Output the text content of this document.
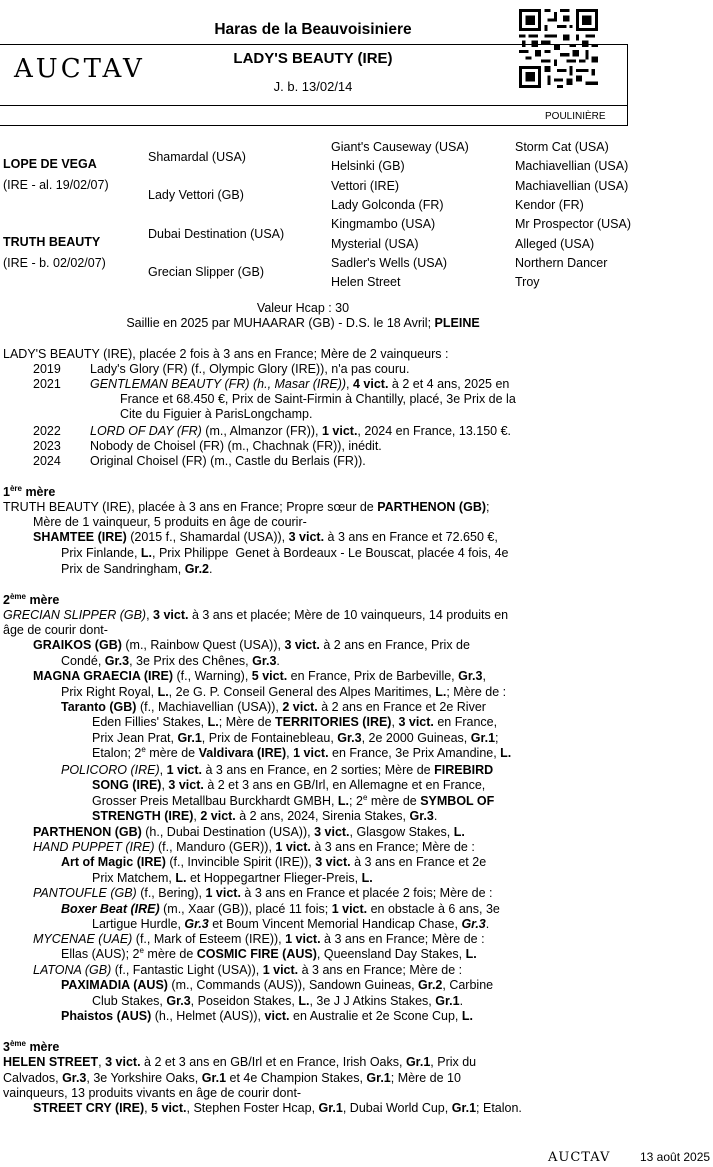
Haras de la Beauvoisiniere
LADY'S BEAUTY (IRE)
J. b. 13/02/14
AUCTAV
POULINIÈRE
LOPE DE VEGA
(IRE - al. 19/02/07)
TRUTH BEAUTY
(IRE - b. 02/02/07)
Shamardal (USA)
Lady Vettori (GB)
Dubai Destination (USA)
Grecian Slipper (GB)
Giant's Causeway (USA)
Helsinki (GB)
Vettori (IRE)
Lady Golconda (FR)
Kingmambo (USA)
Mysterial (USA)
Sadler's Wells (USA)
Helen Street
Storm Cat (USA)
Machiavellian (USA)
Machiavellian (USA)
Kendor (FR)
Mr Prospector (USA)
Alleged (USA)
Northern Dancer
Troy
Valeur Hcap : 30
Saillie en 2025 par MUHAARAR (GB) - D.S. le 18 Avril; PLEINE
LADY'S BEAUTY (IRE), placée 2 fois à 3 ans en France; Mère de 2 vainqueurs :
2019 Lady's Glory (FR) (f., Olympic Glory (IRE)), n'a pas couru.
2021 GENTLEMAN BEAUTY (FR) (h., Masar (IRE)), 4 vict. à 2 et 4 ans, 2025 en
France et 68.450 €, Prix de Saint-Firmin à Chantilly, placé, 3e Prix de la
Cite du Figuier à ParisLongchamp.
2022 LORD OF DAY (FR) (m., Almanzor (FR)), 1 vict., 2024 en France, 13.150 €.
2023 Nobody de Choisel (FR) (m., Chachnak (FR)), inédit.
2024 Original Choisel (FR) (m., Castle du Berlais (FR)).
1ère mère
TRUTH BEAUTY (IRE), placée à 3 ans en France; Propre sœur de PARTHENON (GB);
Mère de 1 vainqueur, 5 produits en âge de courir-
SHAMTEE (IRE) (2015 f., Shamardal (USA)), 3 vict. à 3 ans en France et 72.650 €,
Prix Finlande, L., Prix Philippe  Genet à Bordeaux - Le Bouscat, placée 4 fois, 4e
Prix de Sandringham, Gr.2.
2ème mère
GRECIAN SLIPPER (GB), 3 vict. à 3 ans et placée; Mère de 10 vainqueurs, 14 produits en
âge de courir dont-
GRAIKOS (GB) (m., Rainbow Quest (USA)), 3 vict. à 2 ans en France, Prix de
Condé, Gr.3, 3e Prix des Chênes, Gr.3.
MAGNA GRAECIA (IRE) (f., Warning), 5 vict. en France, Prix de Barbeville, Gr.3,
Prix Right Royal, L., 2e G. P. Conseil General des Alpes Maritimes, L.; Mère de :
Taranto (GB) (f., Machiavellian (USA)), 2 vict. à 2 ans en France et 2e River
Eden Fillies' Stakes, L.; Mère de TERRITORIES (IRE), 3 vict. en France,
Prix Jean Prat, Gr.1, Prix de Fontainebleau, Gr.3, 2e 2000 Guineas, Gr.1;
Etalon; 2e mère de Valdivara (IRE), 1 vict. en France, 3e Prix Amandine, L.
POLICORO (IRE), 1 vict. à 3 ans en France, en 2 sorties; Mère de FIREBIRD
SONG (IRE), 3 vict. à 2 et 3 ans en GB/Irl, en Allemagne et en France,
Grosser Preis Metallbau Burckhardt GMBH, L.; 2e mère de SYMBOL OF
STRENGTH (IRE), 2 vict. à 2 ans, 2024, Sirenia Stakes, Gr.3.
PARTHENON (GB) (h., Dubai Destination (USA)), 3 vict., Glasgow Stakes, L.
HAND PUPPET (IRE) (f., Manduro (GER)), 1 vict. à 3 ans en France; Mère de :
Art of Magic (IRE) (f., Invincible Spirit (IRE)), 3 vict. à 3 ans en France et 2e
Prix Matchem, L. et Hoppegartner Flieger-Preis, L.
PANTOUFLE (GB) (f., Bering), 1 vict. à 3 ans en France et placée 2 fois; Mère de :
Boxer Beat (IRE) (m., Xaar (GB)), placé 11 fois; 1 vict. en obstacle à 6 ans, 3e
Lartigue Hurdle, Gr.3 et Boum Vincent Memorial Handicap Chase, Gr.3.
MYCENAE (UAE) (f., Mark of Esteem (IRE)), 1 vict. à 3 ans en France; Mère de :
Ellas (AUS); 2e mère de COSMIC FIRE (AUS), Queensland Day Stakes, L.
LATONA (GB) (f., Fantastic Light (USA)), 1 vict. à 3 ans en France; Mère de :
PAXIMADIA (AUS) (m., Commands (AUS)), Sandown Guineas, Gr.2, Carbine
Club Stakes, Gr.3, Poseidon Stakes, L., 3e J J Atkins Stakes, Gr.1.
Phaistos (AUS) (h., Helmet (AUS)), vict. en Australie et 2e Scone Cup, L.
3ème mère
HELEN STREET, 3 vict. à 2 et 3 ans en GB/Irl et en France, Irish Oaks, Gr.1, Prix du
Calvados, Gr.3, 3e Yorkshire Oaks, Gr.1 et 4e Champion Stakes, Gr.1; Mère de 10
vainqueurs, 13 produits vivants en âge de courir dont-
STREET CRY (IRE), 5 vict., Stephen Foster Hcap, Gr.1, Dubai World Cup, Gr.1; Etalon.
AUCTAV 13 août 2025
